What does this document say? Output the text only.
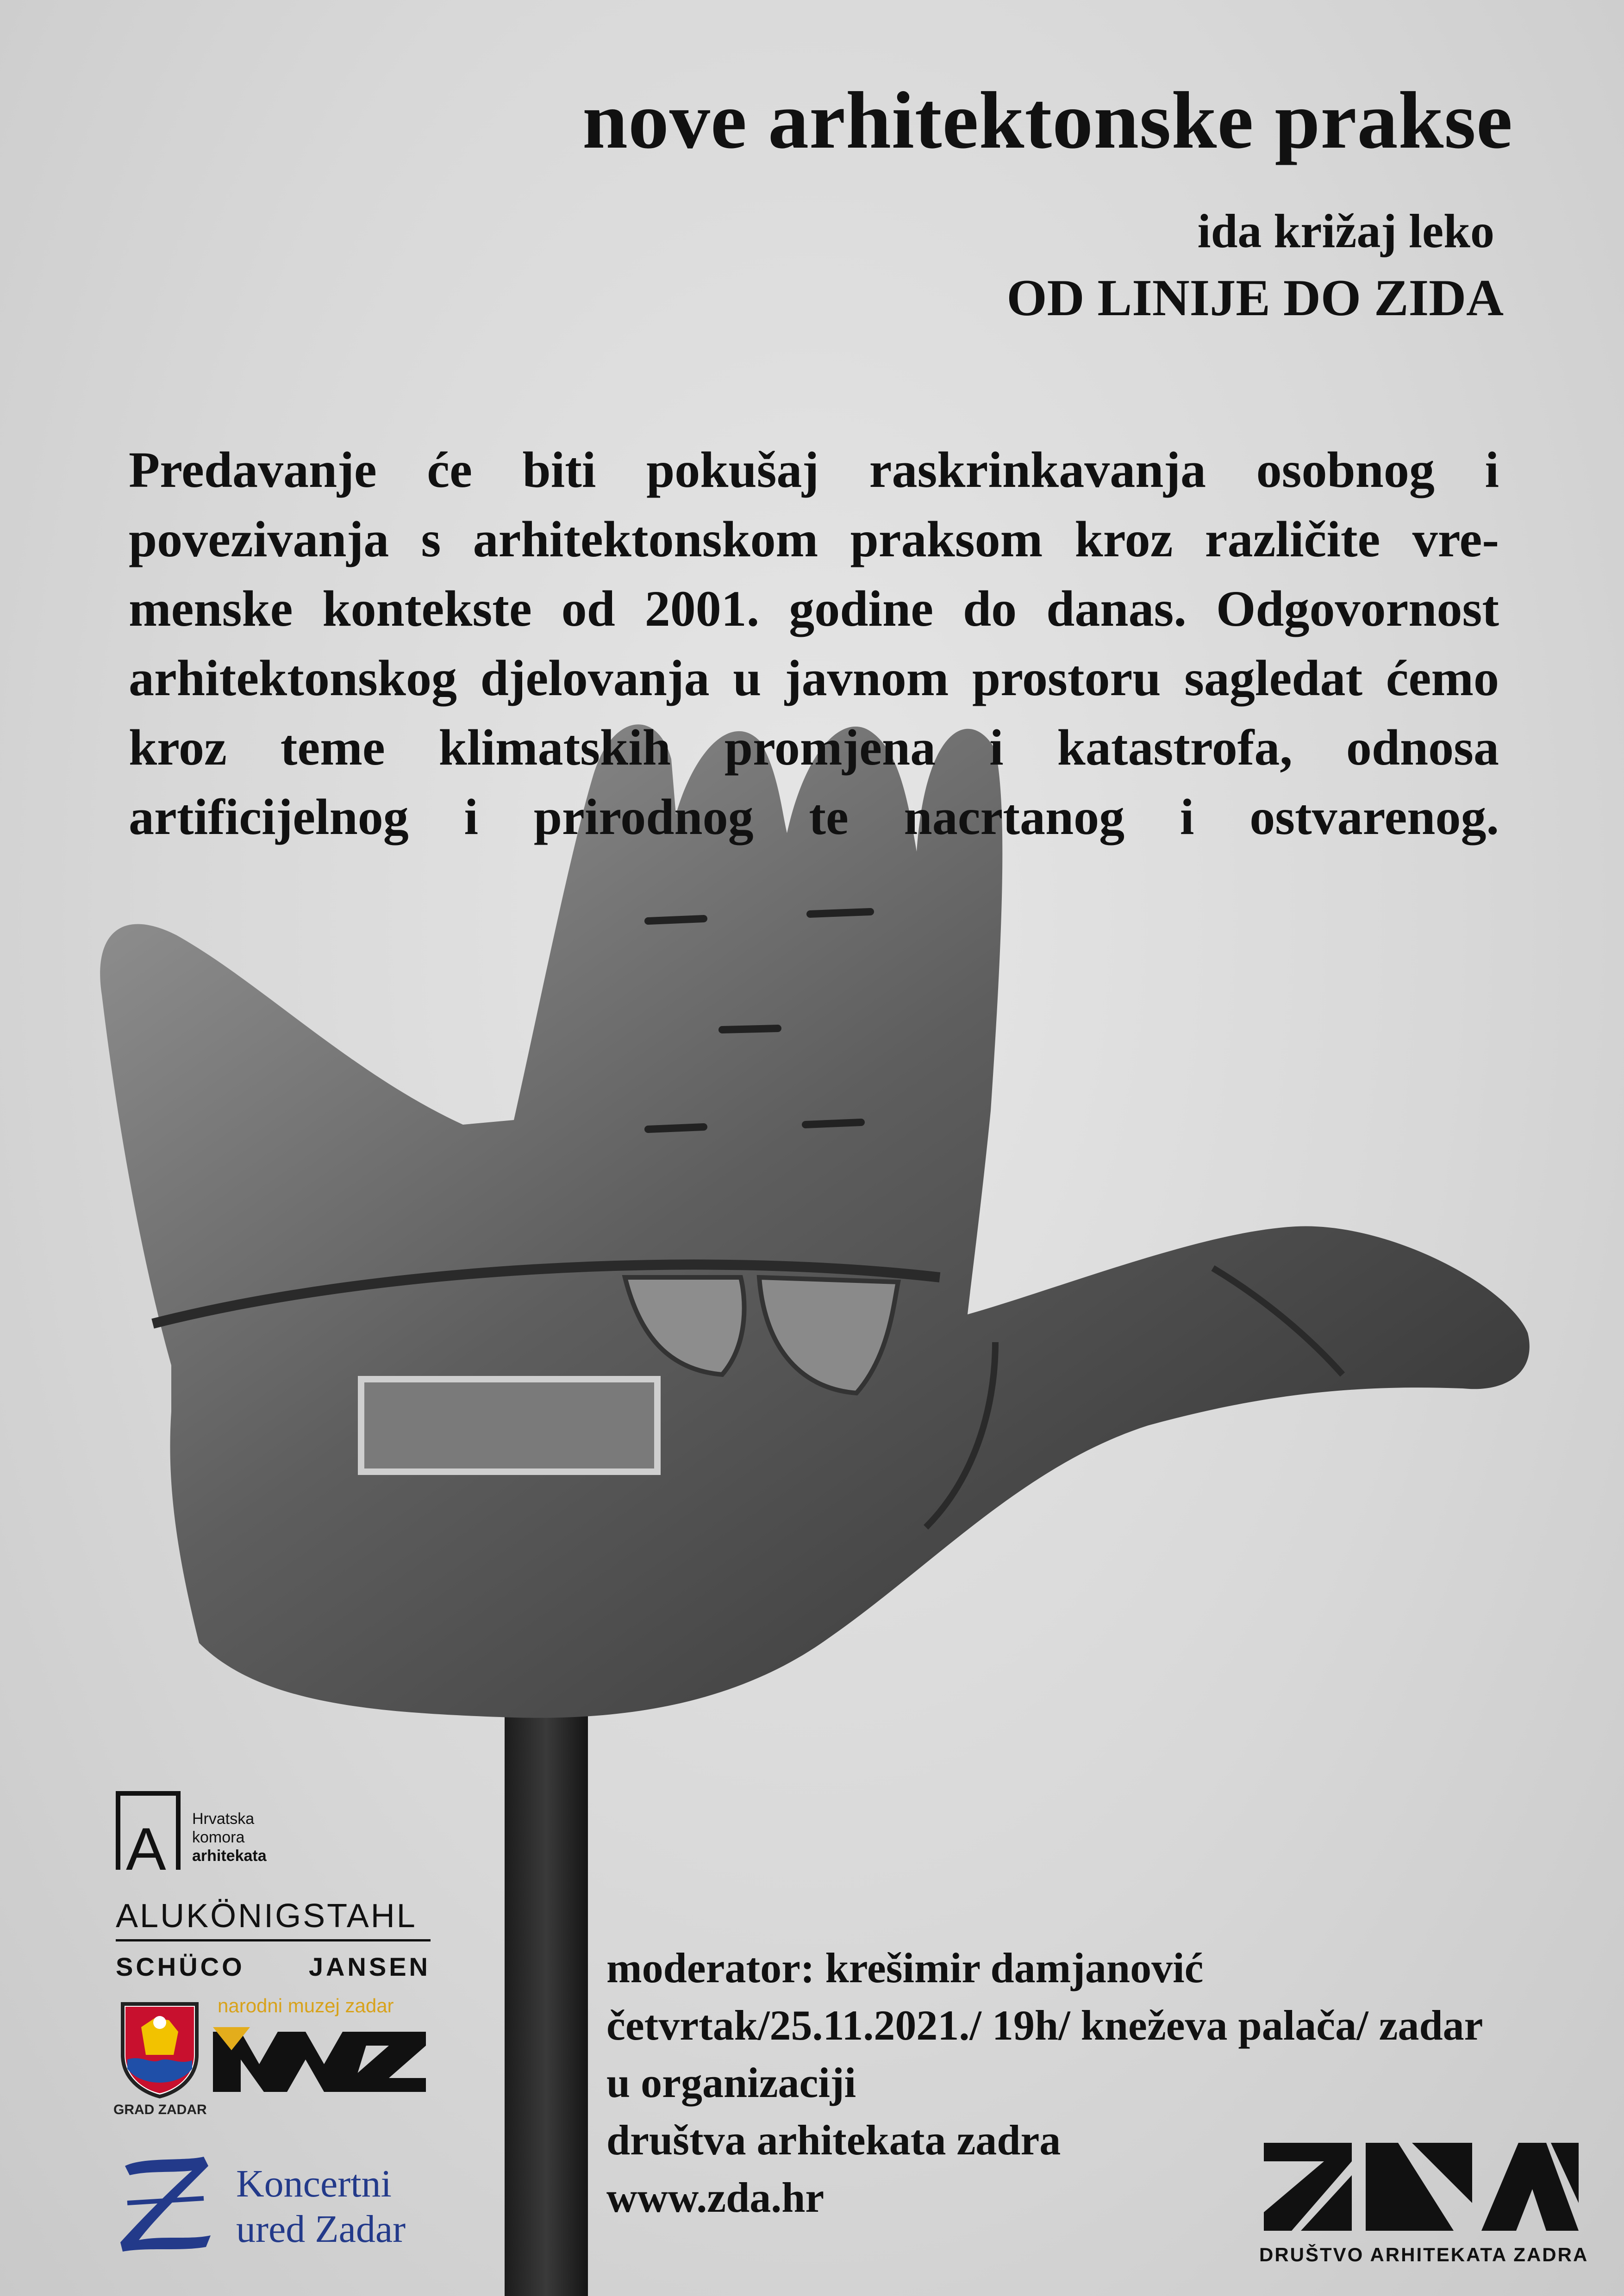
nove arhitektonske prakse
ida križaj leko
OD LINIJE DO ZIDA
Predavanje će biti pokušaj raskrinkavanja osobnog i povezivanja s arhitektonskom praksom kroz različite vremenske kontekste od 2001. godine do danas. Odgovornost arhitektonskog djelovanja u javnom prostoru sagledat ćemo kroz teme klimatskih promjena i katastrofa, odnosa artificijelnog i prirodnog te nacrtanog i ostvarenog.
moderator: krešimir damjanović
četvrtak/25.11.2021./ 19h/ kneževa palača/ zadar
u organizaciji
društva arhitekata zadra
www.zda.hr
A Hrvatska
komora
arhitekata
ALUKÖNIGSTAHL
SCHÜCO JANSEN
GRAD ZADAR
narodni muzej zadar
Koncertni
ured Zadar
DRUŠTVO ARHITEKATA ZADRA
